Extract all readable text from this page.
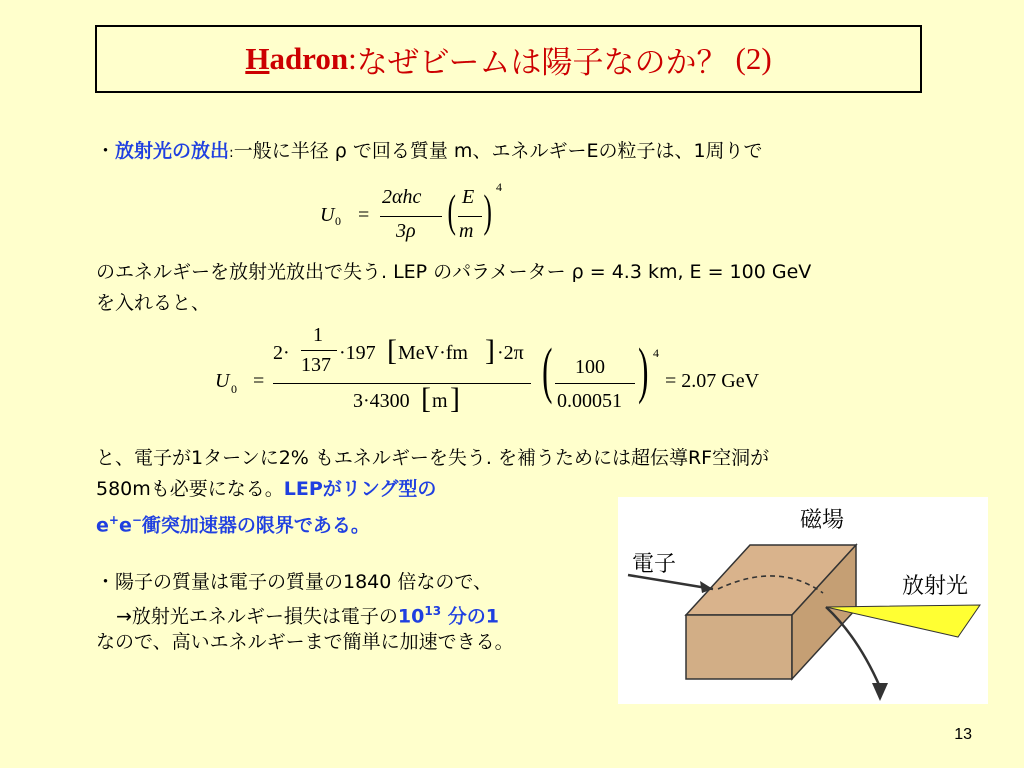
H adron : なぜビームは陽子なのか？ (2)
・放射光の放出:一般に半径 ρ で回る質量 m、エネルギーEの粒子は、1周りで
U 0 =
2αhc
3ρ ( E
m ) 4
のエネルギーを放射光放出で失う. LEP のパラメーター ρ = 4.3 km, E = 100 GeV
を入れると、
U 0 =
2·
1
137
·197 [ MeV·fm ] ·2π
3·4300 [ m ] ( 100
0.00051 ) 4
= 2.07 GeV
と、電子が1ターンに2% もエネルギーを失う. を補うためには超伝導RF空洞が
580mも必要になる。LEPがリング型の
e+e−衝突加速器の限界である。
・陽子の質量は電子の質量の1840 倍なので、
→放射光エネルギー損失は電子の$10^{13}$ 分の1
なので、高いエネルギーまで簡単に加速できる。
磁場
電子
放射光
13
